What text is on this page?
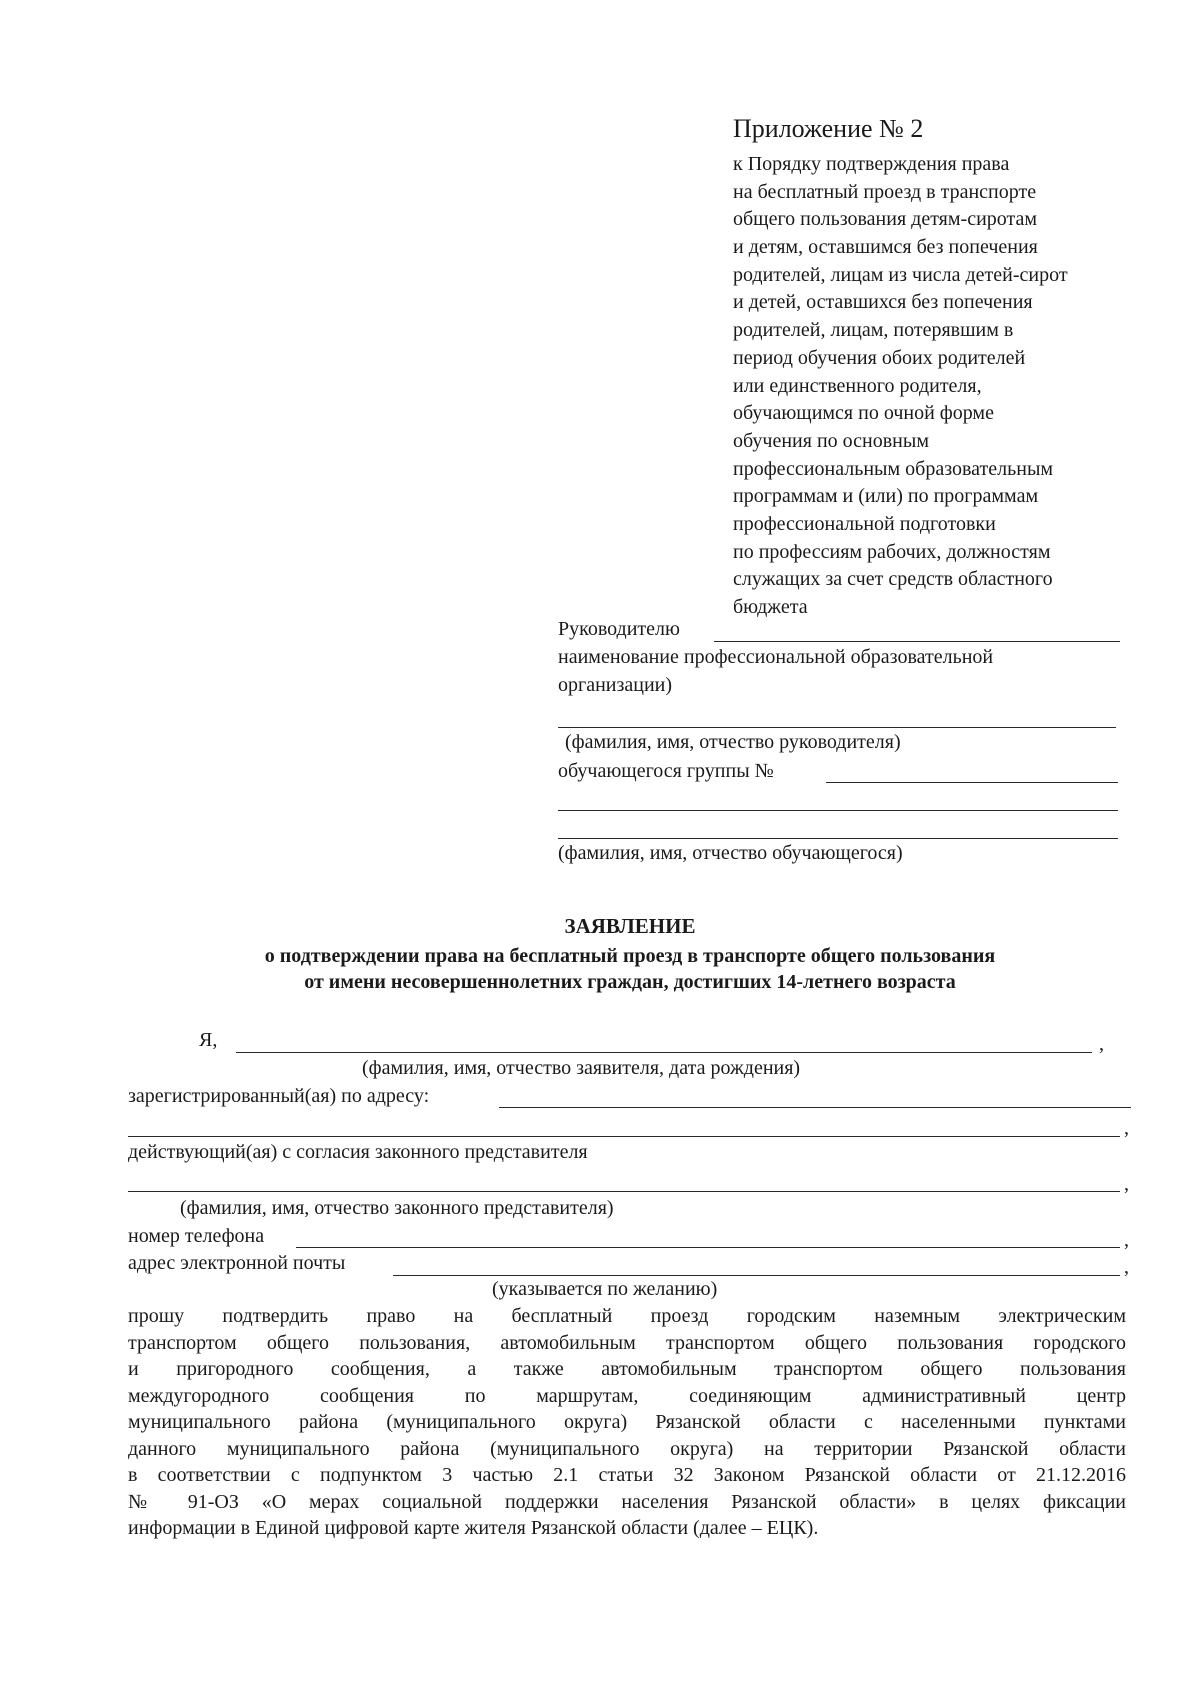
Приложение № 2
к Порядку подтверждения права
на бесплатный проезд в транспорте
общего пользования детям-сиротам
и детям, оставшимся без попечения
родителей, лицам из числа детей-сирот
и детей, оставшихся без попечения
родителей, лицам, потерявшим в
период обучения обоих родителей
или единственного родителя,
обучающимся по очной форме
обучения по основным
профессиональным образовательным
программам и (или) по программам
профессиональной подготовки
по профессиям рабочих, должностям
служащих за счет средств областного
бюджета
Руководителю
наименование профессиональной образовательной
организации)
(фамилия, имя, отчество руководителя)
обучающегося группы №
(фамилия, имя, отчество обучающегося)
ЗАЯВЛЕНИЕ
о подтверждении права на бесплатный проезд в транспорте общего пользования
от имени несовершеннолетних граждан, достигших 14-летнего возраста
Я,	,
(фамилия, имя, отчество заявителя, дата рождения)
зарегистрированный(ая) по адресу:
,
действующий(ая) с согласия законного представителя
,
(фамилия, имя, отчество законного представителя)
номер телефона	,
адрес электронной почты	,
(указывается по желанию)
прошу подтвердить право на бесплатный проезд городским наземным электрическим
транспортом общего пользования, автомобильным транспортом общего пользования городского
и пригородного сообщения, а также автомобильным транспортом общего пользования
междугородного сообщения по маршрутам, соединяющим административный центр
муниципального района (муниципального округа) Рязанской области с населенными пунктами
данного муниципального района (муниципального округа) на территории Рязанской области
в соответствии с подпунктом 3 частью 2.1 статьи 32 Законом Рязанской области от 21.12.2016
№ 91-ОЗ «О мерах социальной поддержки населения Рязанской области» в целях фиксации
информации в Единой цифровой карте жителя Рязанской области (далее – ЕЦК).
